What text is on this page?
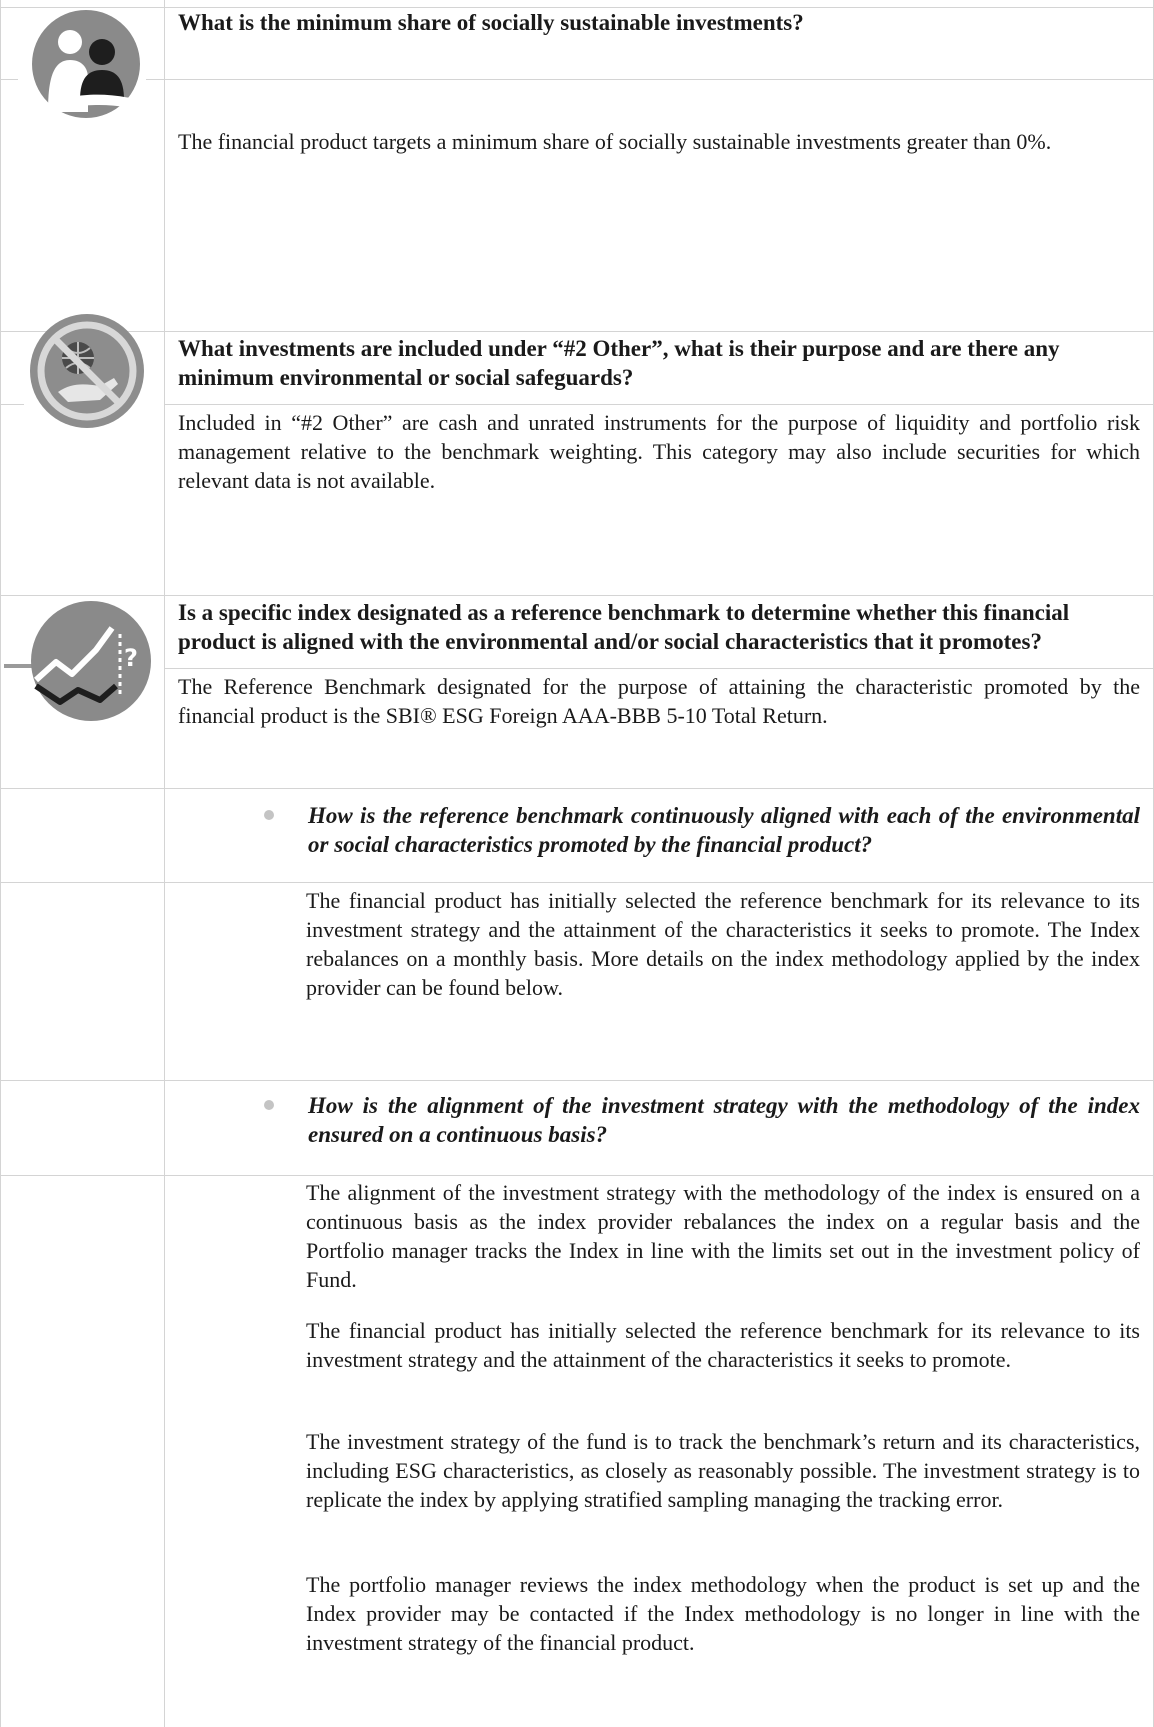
What is the minimum share of socially sustainable investments?
The financial product targets a minimum share of socially sustainable investments greater than 0%.
What investments are included under “#2 Other”, what is their purpose and are there any minimum environmental or social safeguards?
Included in “#2 Other” are cash and unrated instruments for the purpose of liquidity and portfolio risk management relative to the benchmark weighting. This category may also include securities for which relevant data is not available.
?
Is a specific index designated as a reference benchmark to determine whether this financial product is aligned with the environmental and/or social characteristics that it promotes?
The Reference Benchmark designated for the purpose of attaining the characteristic promoted by the financial product is the SBI® ESG Foreign AAA-BBB 5-10 Total Return.
How is the reference benchmark continuously aligned with each of the environmental or social characteristics promoted by the financial product?
The financial product has initially selected the reference benchmark for its relevance to its investment strategy and the attainment of the characteristics it seeks to promote. The Index rebalances on a monthly basis. More details on the index methodology applied by the index provider can be found below.
How is the alignment of the investment strategy with the methodology of the index ensured on a continuous basis?
The alignment of the investment strategy with the methodology of the index is ensured on a continuous basis as the index provider rebalances the index on a regular basis and the Portfolio manager tracks the Index in line with the limits set out in the investment policy of Fund.
The financial product has initially selected the reference benchmark for its relevance to its investment strategy and the attainment of the characteristics it seeks to promote.
The investment strategy of the fund is to track the benchmark’s return and its characteristics, including ESG characteristics, as closely as reasonably possible. The investment strategy is to replicate the index by applying stratified sampling managing the tracking error.
The portfolio manager reviews the index methodology when the product is set up and the Index provider may be contacted if the Index methodology is no longer in line with the investment strategy of the financial product.
